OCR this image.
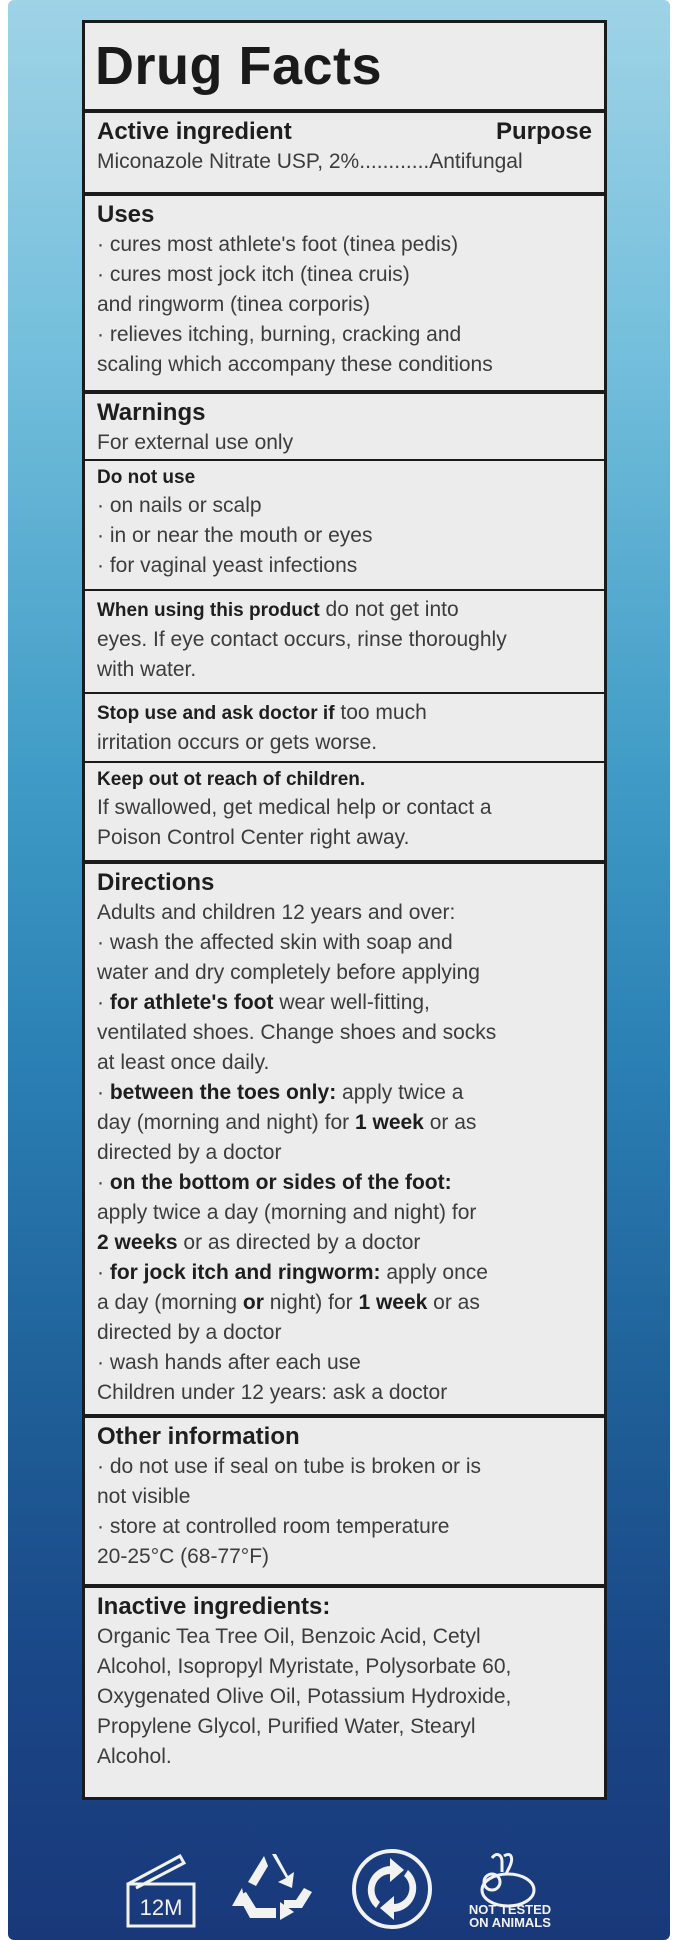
Drug Facts
Active ingredient	Purpose
Miconazole Nitrate USP, 2%............Antifungal
Uses
· cures most athlete's foot (tinea pedis)
· cures most jock itch (tinea cruis)
and ringworm (tinea corporis)
· relieves itching, burning, cracking and
scaling which accompany these conditions
Warnings
For external use only
Do not use
· on nails or scalp
· in or near the mouth or eyes
· for vaginal yeast infections
When using this product do not get into
eyes. If eye contact occurs, rinse thoroughly
with water.
Stop use and ask doctor if too much
irritation occurs or gets worse.
Keep out ot reach of children.
If swallowed, get medical help or contact a
Poison Control Center right away.
Directions
Adults and children 12 years and over:
· wash the affected skin with soap and
water and dry completely before applying
· for athlete's foot wear well-fitting,
ventilated shoes. Change shoes and socks
at least once daily.
· between the toes only: apply twice a
day (morning and night) for 1 week or as
directed by a doctor
· on the bottom or sides of the foot:
apply twice a day (morning and night) for
2 weeks or as directed by a doctor
· for jock itch and ringworm: apply once
a day (morning or night) for 1 week or as
directed by a doctor
· wash hands after each use
Children under 12 years: ask a doctor
Other information
· do not use if seal on tube is broken or is
not visible
· store at controlled room temperature
20-25°C (68-77°F)
Inactive ingredients:
Organic Tea Tree Oil, Benzoic Acid, Cetyl
Alcohol, Isopropyl Myristate, Polysorbate 60,
Oxygenated Olive Oil, Potassium Hydroxide,
Propylene Glycol, Purified Water, Stearyl
Alcohol.
12M	NOT TESTED
ON ANIMALS
